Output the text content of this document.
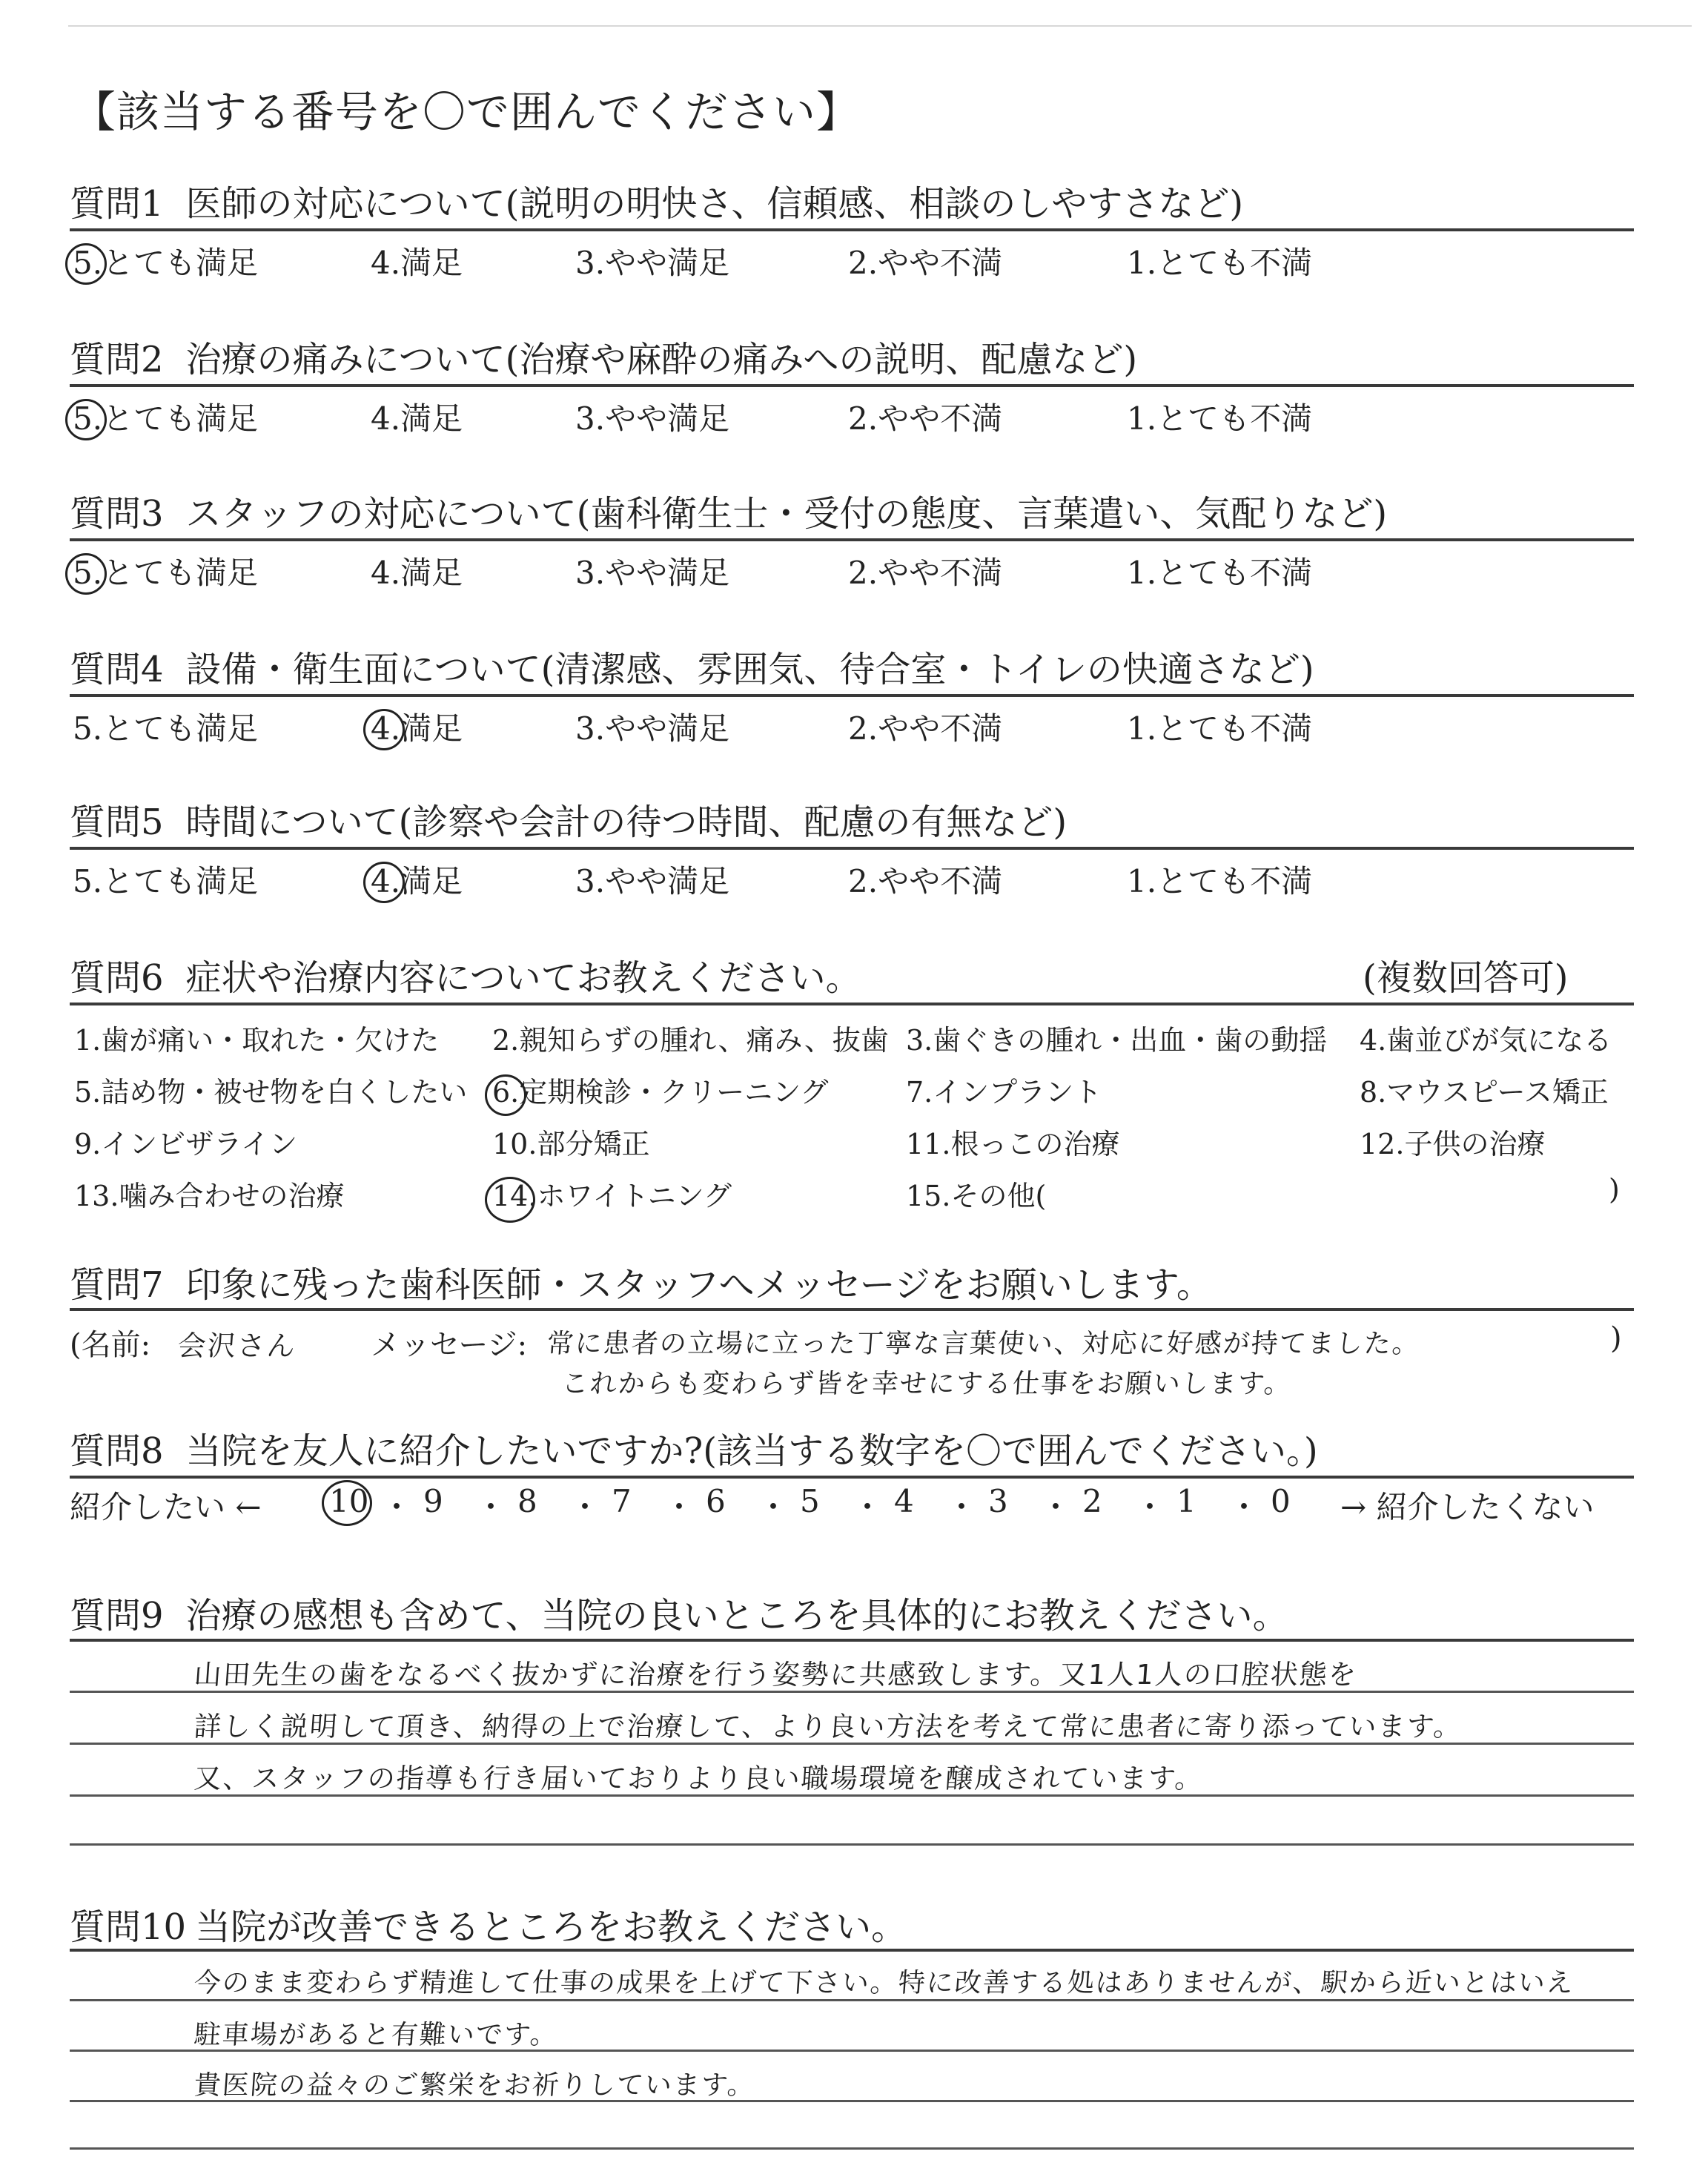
【該当する番号を〇で囲んでください】
質問1 医師の対応について(説明の明快さ、信頼感、相談のしやすさなど)
5.とても満足	4.満足	3.やや満足	2.やや不満	1.とても不満
質問2 治療の痛みについて(治療や麻酔の痛みへの説明、配慮など)
5.とても満足	4.満足	3.やや満足	2.やや不満	1.とても不満
質問3 スタッフの対応について(歯科衛生士・受付の態度、言葉遣い、気配りなど)
5.とても満足	4.満足	3.やや満足	2.やや不満	1.とても不満
質問4 設備・衛生面について(清潔感、雰囲気、待合室・トイレの快適さなど)
5.とても満足	4.満足	3.やや満足	2.やや不満	1.とても不満
質問5 時間について(診察や会計の待つ時間、配慮の有無など)
5.とても満足	4.満足	3.やや満足	2.やや不満	1.とても不満
質問6 症状や治療内容についてお教えください。	(複数回答可)
1.歯が痛い・取れた・欠けた 2.親知らずの腫れ、痛み、抜歯 3.歯ぐきの腫れ・出血・歯の動揺 4.歯並びが気になる
5.詰め物・被せ物を白くしたい 6.定期検診・クリーニング	7.インプラント	8.マウスピース矯正
9.インビザライン	10.部分矯正	11.根っこの治療	12.子供の治療
13.噛み合わせの治療	14.ホワイトニング	15.その他(	)
質問7 印象に残った歯科医師・スタッフへメッセージをお願いします。
(名前: 会沢さん メッセージ: 常に患者の立場に立った丁寧な言葉使い、対応に好感が持てました。
これからも変わらず皆を幸せにする仕事をお願いします。
)
質問8 当院を友人に紹介したいですか?(該当する数字を〇で囲んでください。)
紹介したい ← 10 ・ 9 ・ 8 ・ 7 ・ 6 ・ 5 ・ 4 ・ 3 ・ 2 ・ 1 ・ 0 → 紹介したくない
質問9 治療の感想も含めて、当院の良いところを具体的にお教えください。
山田先生の歯をなるべく抜かずに治療を行う姿勢に共感致します。又1人1人の口腔状態を
詳しく説明して頂き、納得の上で治療して、より良い方法を考えて常に患者に寄り添っています。
又、スタッフの指導も行き届いておりより良い職場環境を醸成されています。
質問10 当院が改善できるところをお教えください。
今のまま変わらず精進して仕事の成果を上げて下さい。特に改善する処はありませんが、駅から近いとはいえ
駐車場があると有難いです。
貴医院の益々のご繁栄をお祈りしています。
